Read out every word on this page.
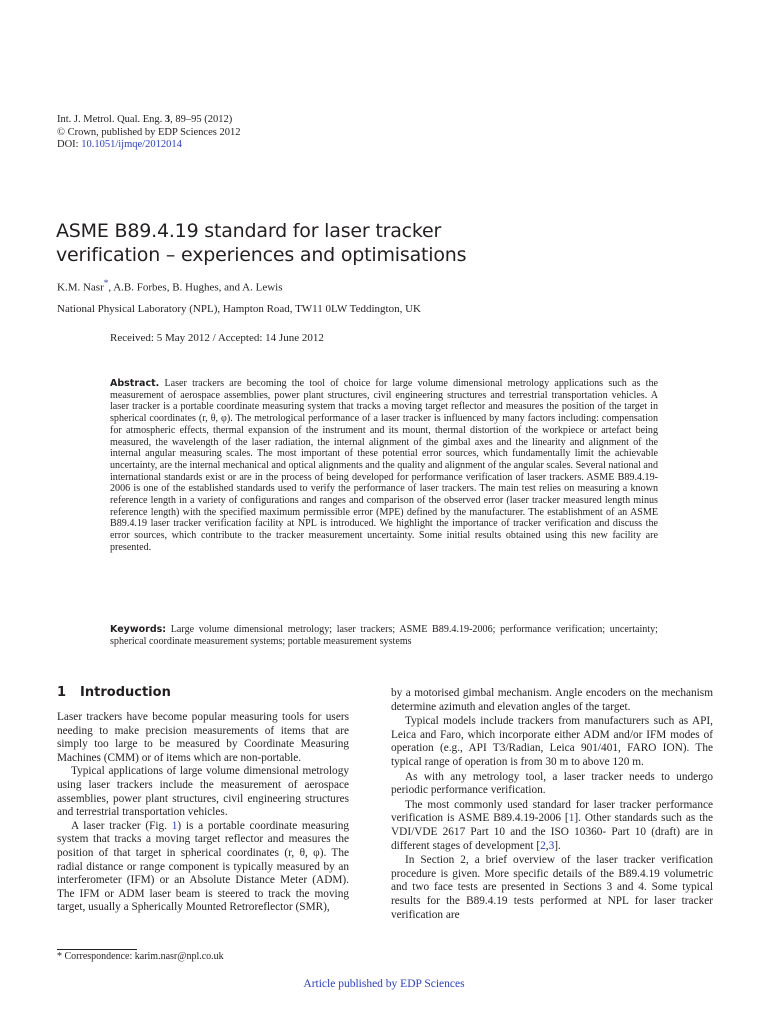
Int. J. Metrol. Qual. Eng. 3, 89–95 (2012)
© Crown, published by EDP Sciences 2012
DOI: 10.1051/ijmqe/2012014
ASME B89.4.19 standard for laser tracker
verification – experiences and optimisations
K.M. Nasr*, A.B. Forbes, B. Hughes, and A. Lewis
National Physical Laboratory (NPL), Hampton Road, TW11 0LW Teddington, UK
Received: 5 May 2012 / Accepted: 14 June 2012
Abstract. Laser trackers are becoming the tool of choice for large volume dimensional metrology applications such as the measurement of aerospace assemblies, power plant structures, civil engineering structures and terrestrial transportation vehicles. A laser tracker is a portable coordinate measuring system that tracks a moving target reflector and measures the position of the target in spherical coordinates (r, θ, φ). The metrological performance of a laser tracker is influenced by many factors including: compensation for atmospheric effects, thermal expansion of the instrument and its mount, thermal distortion of the workpiece or artefact being measured, the wavelength of the laser radiation, the internal alignment of the gimbal axes and the linearity and alignment of the internal angular measuring scales. The most important of these potential error sources, which fundamentally limit the achievable uncertainty, are the internal mechanical and optical alignments and the quality and alignment of the angular scales. Several national and international standards exist or are in the process of being developed for performance verification of laser trackers. ASME B89.4.19-2006 is one of the established standards used to verify the performance of laser trackers. The main test relies on measuring a known reference length in a variety of configurations and ranges and comparison of the observed error (laser tracker measured length minus reference length) with the specified maximum permissible error (MPE) defined by the manufacturer. The establishment of an ASME B89.4.19 laser tracker verification facility at NPL is introduced. We highlight the importance of tracker verification and discuss the error sources, which contribute to the tracker measurement uncertainty. Some initial results obtained using this new facility are presented.
Keywords: Large volume dimensional metrology; laser trackers; ASME B89.4.19-2006; performance verification; uncertainty; spherical coordinate measurement systems; portable measurement systems
1 Introduction

Laser trackers have become popular measuring tools for users needing to make precision measurements of items that are simply too large to be measured by Coordinate Measuring Machines (CMM) or of items which are non-portable.

Typical applications of large volume dimensional metrology using laser trackers include the measurement of aerospace assemblies, power plant structures, civil engineering structures and terrestrial transportation vehicles.

A laser tracker (Fig. 1) is a portable coordinate measuring system that tracks a moving target reflector and measures the position of that target in spherical coordinates (r, θ, φ). The radial distance or range component is typically measured by an interferometer (IFM) or an Absolute Distance Meter (ADM). The IFM or ADM laser beam is steered to track the moving target, usually a Spherically Mounted Retroreflector (SMR),

by a motorised gimbal mechanism. Angle encoders on the mechanism determine azimuth and elevation angles of the target.

Typical models include trackers from manufacturers such as API, Leica and Faro, which incorporate either ADM and/or IFM modes of operation (e.g., API T3/Radian, Leica 901/401, FARO ION). The typical range of operation is from 30 m to above 120 m.

As with any metrology tool, a laser tracker needs to undergo periodic performance verification.

The most commonly used standard for laser tracker performance verification is ASME B89.4.19-2006 [1]. Other standards such as the VDI/VDE 2617 Part 10 and the ISO 10360- Part 10 (draft) are in different stages of development [2,3].

In Section 2, a brief overview of the laser tracker verification procedure is given. More specific details of the B89.4.19 volumetric and two face tests are presented in Sections 3 and 4. Some typical results for the B89.4.19 tests performed at NPL for laser tracker verification are

* Correspondence: karim.nasr@npl.co.uk
Article published by EDP Sciences
